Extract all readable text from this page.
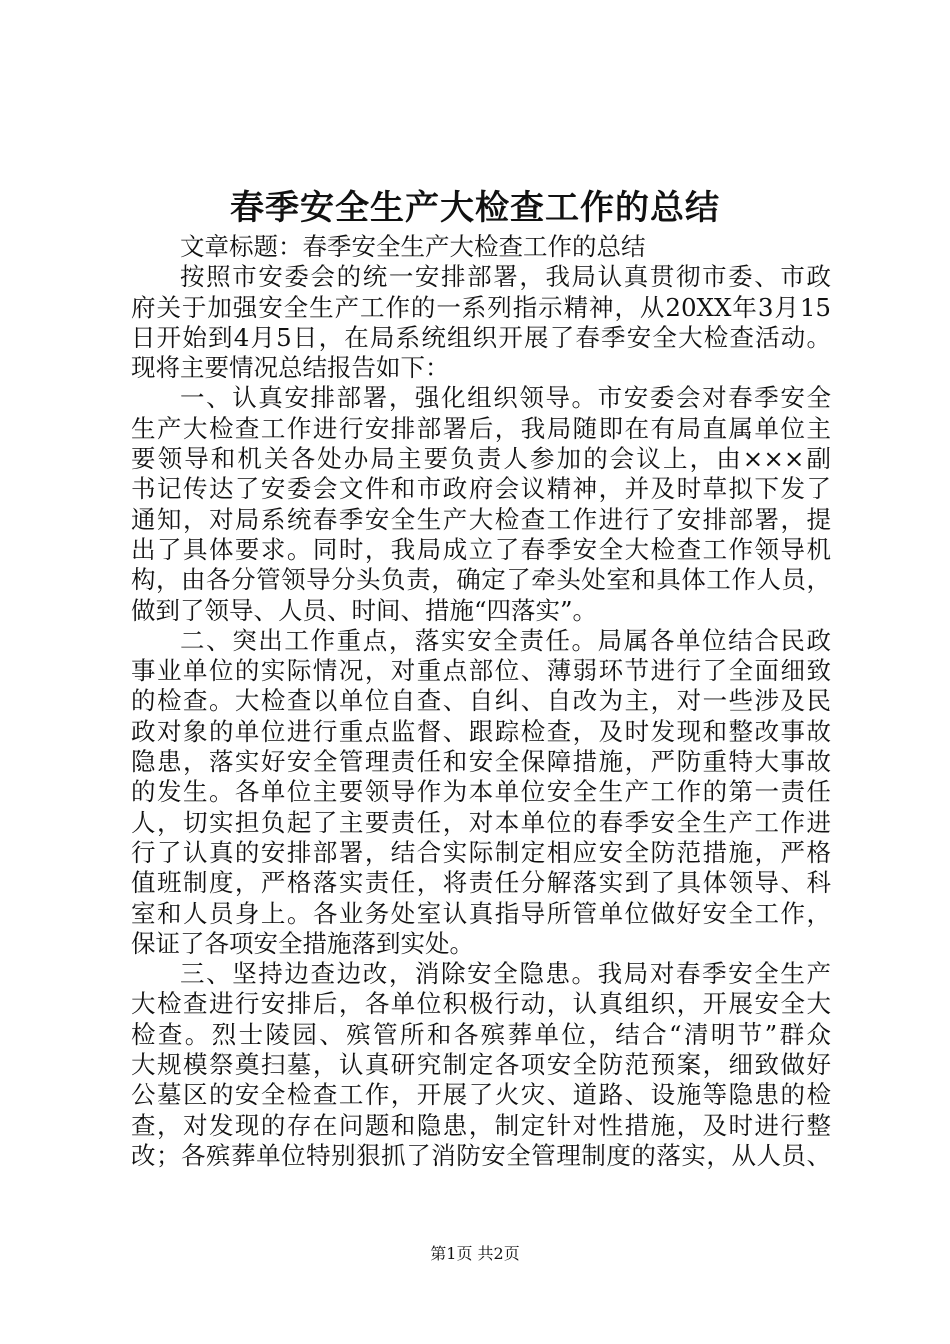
春季安全生产大检查工作的总结
文章标题：春季安全生产大检查工作的总结
按照市安委会的统一安排部署，我局认真贯彻市委、市政
府关于加强安全生产工作的一系列指示精神，从20XX年3月15
日开始到4月5日，在局系统组织开展了春季安全大检查活动。
现将主要情况总结报告如下：
一、认真安排部署，强化组织领导。市安委会对春季安全
生产大检查工作进行安排部署后，我局随即在有局直属单位主
要领导和机关各处办局主要负责人参加的会议上，由×××副
书记传达了安委会文件和市政府会议精神，并及时草拟下发了
通知，对局系统春季安全生产大检查工作进行了安排部署，提
出了具体要求。同时，我局成立了春季安全大检查工作领导机
构，由各分管领导分头负责，确定了牵头处室和具体工作人员，
做到了领导、人员、时间、措施“四落实”。
二、突出工作重点，落实安全责任。局属各单位结合民政
事业单位的实际情况，对重点部位、薄弱环节进行了全面细致
的检查。大检查以单位自查、自纠、自改为主，对一些涉及民
政对象的单位进行重点监督、跟踪检查，及时发现和整改事故
隐患，落实好安全管理责任和安全保障措施，严防重特大事故
的发生。各单位主要领导作为本单位安全生产工作的第一责任
人，切实担负起了主要责任，对本单位的春季安全生产工作进
行了认真的安排部署，结合实际制定相应安全防范措施，严格
值班制度，严格落实责任，将责任分解落实到了具体领导、科
室和人员身上。各业务处室认真指导所管单位做好安全工作，
保证了各项安全措施落到实处。
三、坚持边查边改，消除安全隐患。我局对春季安全生产
大检查进行安排后，各单位积极行动，认真组织，开展安全大
检查。烈士陵园、殡管所和各殡葬单位，结合“清明节”群众
大规模祭奠扫墓，认真研究制定各项安全防范预案，细致做好
公墓区的安全检查工作，开展了火灾、道路、设施等隐患的检
查，对发现的存在问题和隐患，制定针对性措施，及时进行整
改；各殡葬单位特别狠抓了消防安全管理制度的落实，从人员、
第1页 共2页
